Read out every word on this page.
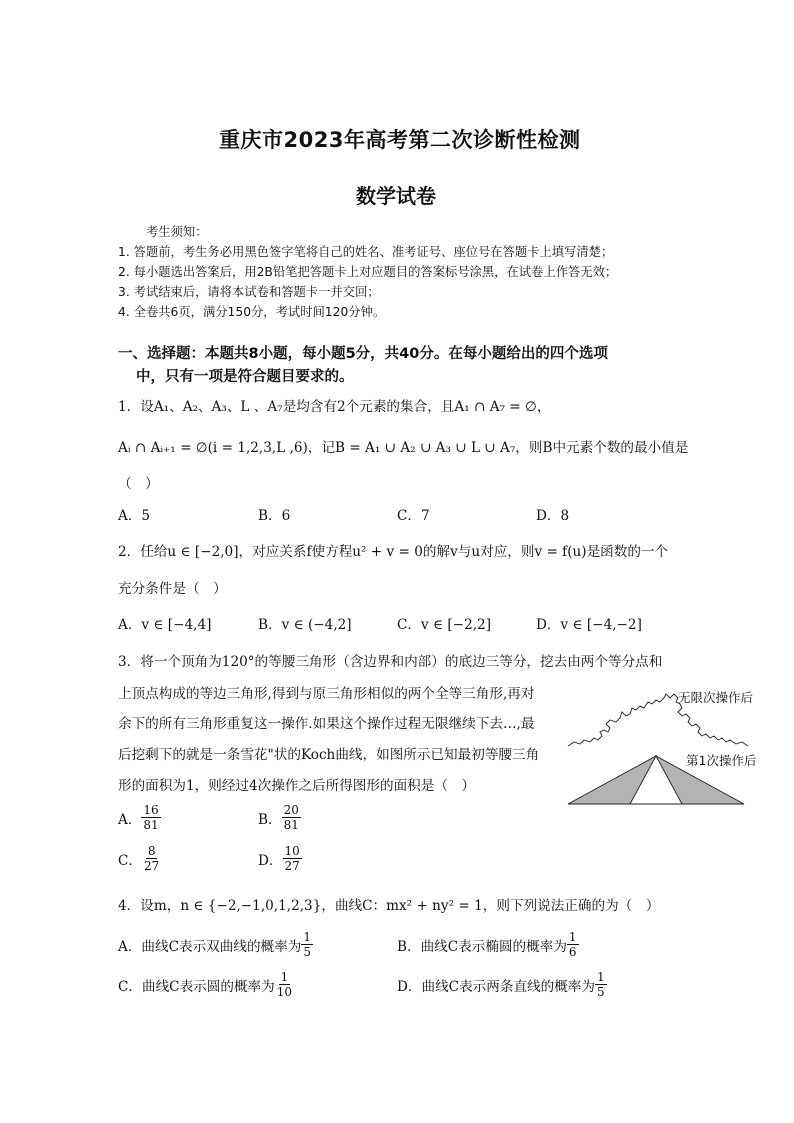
重庆市2023年高考第二次诊断性检测
数学试卷
考生须知：
1. 答题前，考生务必用黑色签字笔将自己的姓名、准考证号、座位号在答题卡上填写清楚；
2. 每小题选出答案后，用2B铅笔把答题卡上对应题目的答案标号涂黑，在试卷上作答无效；
3. 考试结束后，请将本试卷和答题卡一并交回；
4. 全卷共6页，满分150分，考试时间120分钟。
一、选择题：本题共8小题，每小题5分，共40分。在每小题给出的四个选项
中，只有一项是符合题目要求的。
1．设A₁、A₂、A₃、L 、A₇是均含有2个元素的集合，且A₁ ∩ A₇ = ∅，
Aᵢ ∩ Aᵢ₊₁ = ∅(i = 1,2,3,L ,6)，记B = A₁ ∪ A₂ ∪ A₃ ∪ L ∪ A₇，则B中元素个数的最小值是
（　）
A．5	B．6	C．7	D．8
2．任给u ∈ [−2,0]，对应关系f使方程u² + v = 0的解v与u对应，则v = f(u)是函数的一个
充分条件是（　）
A．v ∈ [−4,4]	B．v ∈ (−4,2]	C．v ∈ [−2,2]	D．v ∈ [−4,−2]
3．将一个顶角为120°的等腰三角形（含边界和内部）的底边三等分，挖去由两个等分点和
上顶点构成的等边三角形,得到与原三角形相似的两个全等三角形,再对
余下的所有三角形重复这一操作.如果这个操作过程无限继续下去…,最
后挖剩下的就是一条雪花"状的Koch曲线，如图所示已知最初等腰三角
形的面积为1，则经过4次操作之后所得图形的面积是（　）
无限次操作后
第1次操作后
A． $\frac{16}{81}$	B． $\frac{20}{81}$
C． $\frac{8}{27}$	D． $\frac{10}{27}$
4．设m，n ∈ {−2,−1,0,1,2,3}，曲线C：mx² + ny² = 1，则下列说法正确的为（　）
A．曲线C表示双曲线的概率为 $\frac{1}{5}$	B．曲线C表示椭圆的概率为 $\frac{1}{6}$
C．曲线C表示圆的概率为 $\frac{1}{10}$	D．曲线C表示两条直线的概率为 $\frac{1}{5}$
